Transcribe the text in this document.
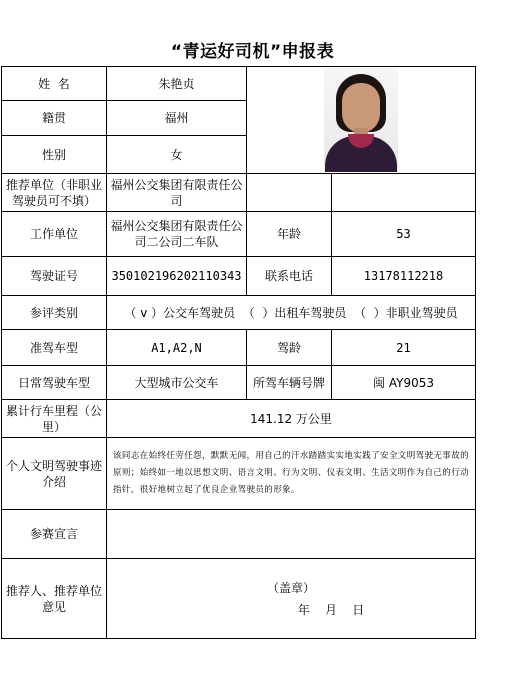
“青运好司机”申报表
姓  名	朱艳贞		

籍贯	福州		
性别	女		
推荐单位（非职业驾驶员可不填）	福州公交集团有限责任公司		
工作单位	福州公交集团有限责任公司二公司二车队	年龄	53
驾驶证号	350102196202110343	联系电话	13178112218
参评类别	（ v ）公交车驾驶员  （  ）出租车驾驶员  （  ）非职业驾驶员		
准驾车型	A1,A2,N	驾龄	21
日常驾驶车型	大型城市公交车	所驾车辆号牌	闽 AY9053
累计行车里程（公里）	141.12 万公里		
个人文明驾驶事迹介绍	该同志在始终任劳任怨，默默无闻，用自己的汗水踏踏实实地实践了安全文明驾驶无事故的原则；始终如一地以思想文明、语言文明、行为文明、仪表文明、生活文明作为自己的行动指针，很好地树立起了优良企业驾驶员的形象。		
参赛宣言			
推荐人、推荐单位意见	（盖章）
年    月    日		
